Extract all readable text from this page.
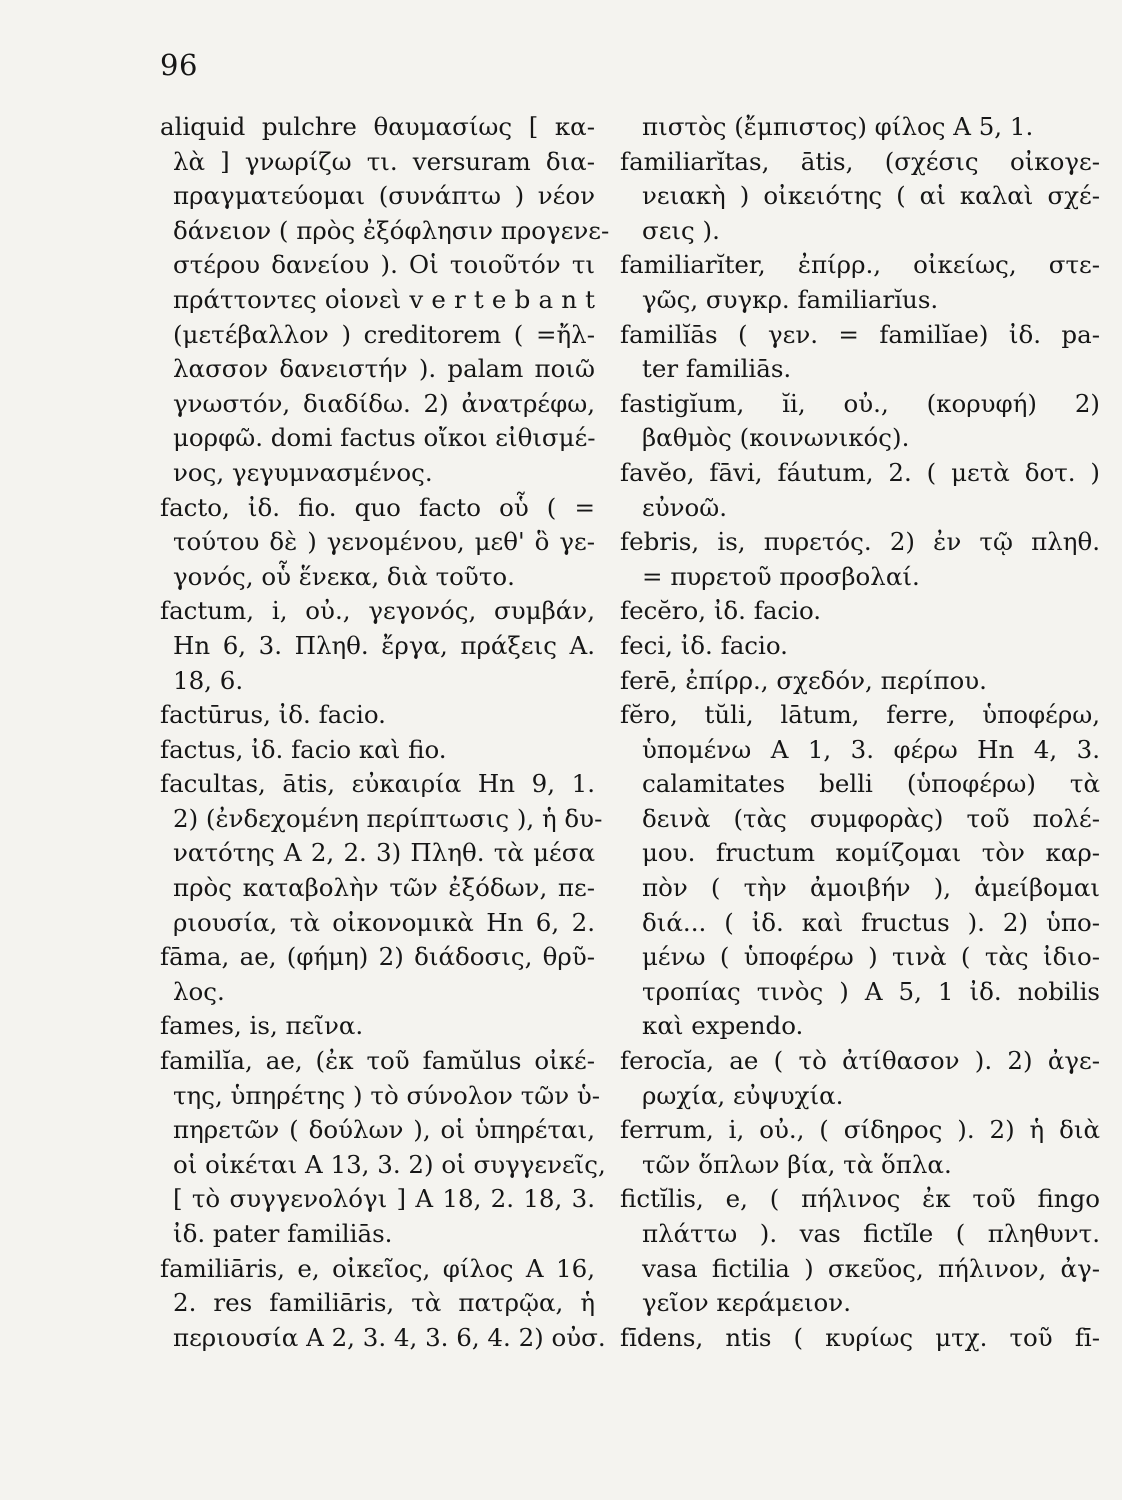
96
aliquid pulchre θαυμασίως [ κα-
λὰ ] γνωρίζω τι. versuram δια-
πραγματεύομαι (συνάπτω ) νέον
δάνειον ( πρὸς ἐξόφλησιν προγενε-
στέρου δανείου ). Οἱ τοιοῦτόν τι
πράττοντες οἱονεὶ v e r t e b a n t
(μετέβαλλον ) creditorem ( =ἤλ-
λασσον δανειστήν ). palam ποιῶ
γνωστόν, διαδίδω. 2) ἀνατρέφω,
μορφῶ. domi factus οἴκοι εἰθισμέ-
νος, γεγυμνασμένος.
facto, ἰδ. fio. quo facto οὗ ( =
τούτου δὲ ) γενομένου, μεθ' ὃ γε-
γονός, οὗ ἕνεκα, διὰ τοῦτο.
factum, i, οὐ., γεγονός, συμβάν,
Hn 6, 3. Πληθ. ἔργα, πράξεις A.
18, 6.
factūrus, ἰδ. facio.
factus, ἰδ. facio καὶ fio.
facultas, ātis, εὐκαιρία Hn 9, 1.
2) (ἐνδεχομένη περίπτωσις ), ἡ δυ-
νατότης A 2, 2. 3) Πληθ. τὰ μέσα
πρὸς καταβολὴν τῶν ἐξόδων, πε-
ριουσία, τὰ οἰκονομικὰ Hn 6, 2.
fāma, ae, (φήμη) 2) διάδοσις, θρῦ-
λος.
fames, is, πεῖνα.
familĭa, ae, (ἐκ τοῦ famŭlus οἰκέ-
της, ὑπηρέτης ) τὸ σύνολον τῶν ὑ-
πηρετῶν ( δούλων ), οἱ ὑπηρέται,
οἱ οἰκέται A 13, 3. 2) οἱ συγγενεῖς,
[ τὸ συγγενολόγι ] A 18, 2. 18, 3.
ἰδ. pater familiās.
familiāris, e, οἰκεῖος, φίλος A 16,
2. res familiāris, τὰ πατρῷα, ἡ
περιουσία A 2, 3. 4, 3. 6, 4. 2) οὐσ.
πιστὸς (ἔμπιστος) φίλος A 5, 1.
familiarĭtas, ātis, (σχέσις οἰκογε-
νειακὴ ) οἰκειότης ( αἱ καλαὶ σχέ-
σεις ).
familiarĭter, ἐπίρρ., οἰκείως, στε-
γῶς, συγκρ. familiarĭus.
familĭās ( γεν. = familĭae) ἰδ. pa-
ter familiās.
fastigĭum, ĭi, οὐ., (κορυφή) 2)
βαθμὸς (κοινωνικός).
favĕo, fāvi, fáutum, 2. ( μετὰ δοτ. )
εὐνοῶ.
febris, is, πυρετός. 2) ἐν τῷ πληθ.
= πυρετοῦ προσβολαί.
fecĕro, ἰδ. facio.
feci, ἰδ. facio.
ferē, ἐπίρρ., σχεδόν, περίπου.
fĕro, tŭli, lātum, ferre, ὑποφέρω,
ὑπομένω A 1, 3. φέρω Hn 4, 3.
calamitates belli (ὑποφέρω) τὰ
δεινὰ (τὰς συμφορὰς) τοῦ πολέ-
μου. fructum κομίζομαι τὸν καρ-
πὸν ( τὴν ἀμοιβήν ), ἀμείβομαι
διά... ( ἰδ. καὶ fructus ). 2) ὑπο-
μένω ( ὑποφέρω ) τινὰ ( τὰς ἰδιο-
τροπίας τινὸς ) A 5, 1 ἰδ. nobilis
καὶ expendo.
ferocĭa, ae ( τὸ ἀτίθασον ). 2) ἀγε-
ρωχία, εὐψυχία.
ferrum, i, οὐ., ( σίδηρος ). 2) ἡ διὰ
τῶν ὅπλων βία, τὰ ὅπλα.
fictĭlis, e, ( πήλινος ἐκ τοῦ fingo
πλάττω ). vas fictĭle ( πληθυντ.
vasa fictilia ) σκεῦος, πήλινον, ἀγ-
γεῖον κεράμειον.
fīdens, ntis ( κυρίως μτχ. τοῦ fī-
